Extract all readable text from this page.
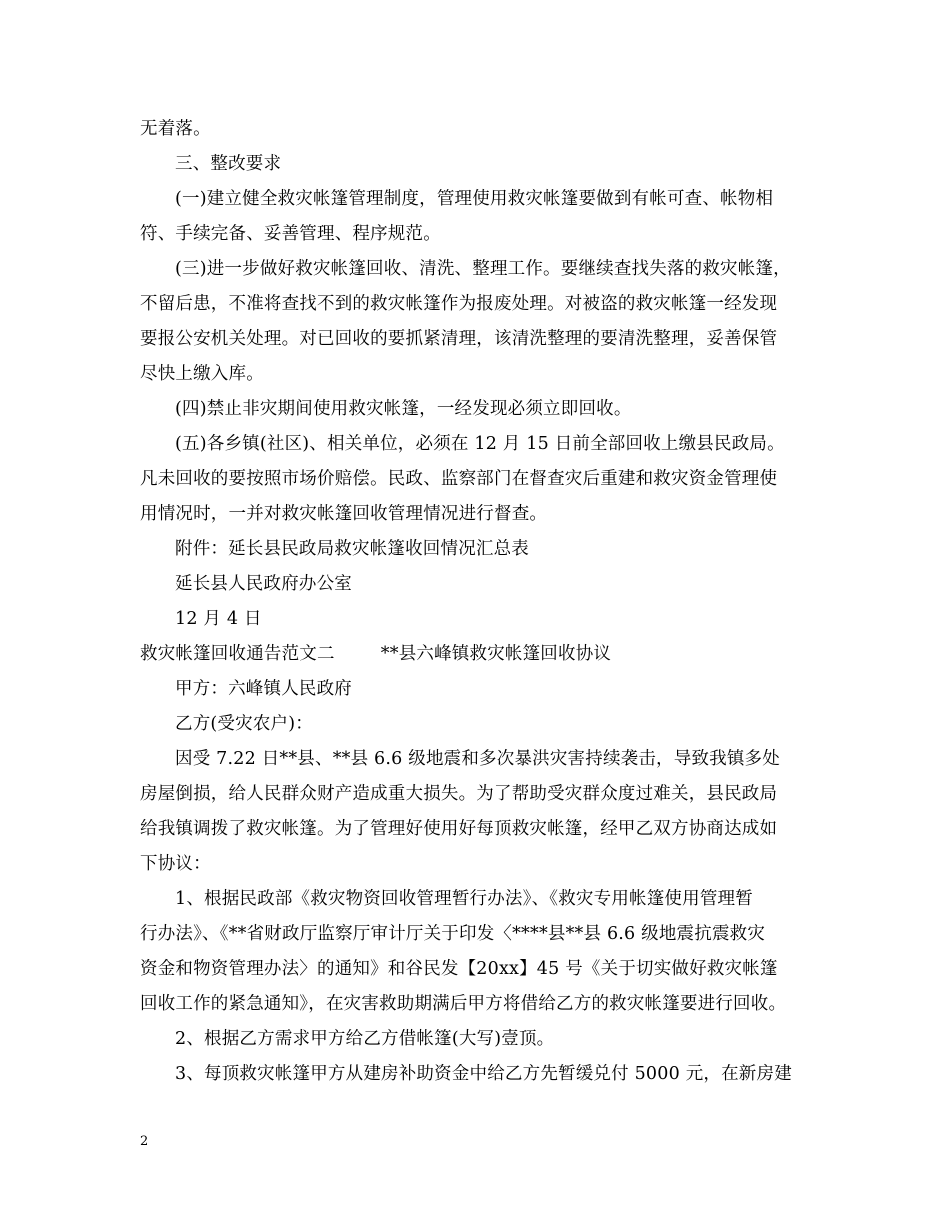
无着落。
三、整改要求
(一)建立健全救灾帐篷管理制度，管理使用救灾帐篷要做到有帐可查、帐物相
符、手续完备、妥善管理、程序规范。
(三)进一步做好救灾帐篷回收、清洗、整理工作。要继续查找失落的救灾帐篷，
不留后患，不准将查找不到的救灾帐篷作为报废处理。对被盗的救灾帐篷一经发现
要报公安机关处理。对已回收的要抓紧清理，该清洗整理的要清洗整理，妥善保管
尽快上缴入库。
(四)禁止非灾期间使用救灾帐篷，一经发现必须立即回收。
(五)各乡镇(社区)、相关单位，必须在 12 月 15 日前全部回收上缴县民政局。
凡未回收的要按照市场价赔偿。民政、监察部门在督查灾后重建和救灾资金管理使
用情况时，一并对救灾帐篷回收管理情况进行督查。
附件：延长县民政局救灾帐篷收回情况汇总表
延长县人民政府办公室
12 月 4 日
救灾帐篷回收通告范文二        **县六峰镇救灾帐篷回收协议
甲方：六峰镇人民政府
乙方(受灾农户)：
因受 7.22 日**县、**县 6.6 级地震和多次暴洪灾害持续袭击，导致我镇多处
房屋倒损，给人民群众财产造成重大损失。为了帮助受灾群众度过难关，县民政局
给我镇调拨了救灾帐篷。为了管理好使用好每顶救灾帐篷，经甲乙双方协商达成如
下协议：
1、根据民政部《救灾物资回收管理暂行办法》、《救灾专用帐篷使用管理暂
行办法》、《**省财政厅监察厅审计厅关于印发〈****县**县 6.6 级地震抗震救灾
资金和物资管理办法〉的通知》和谷民发【20xx】45 号《关于切实做好救灾帐篷
回收工作的紧急通知》，在灾害救助期满后甲方将借给乙方的救灾帐篷要进行回收。
2、根据乙方需求甲方给乙方借帐篷(大写)壹顶。
3、每顶救灾帐篷甲方从建房补助资金中给乙方先暂缓兑付 5000 元，在新房建
2
